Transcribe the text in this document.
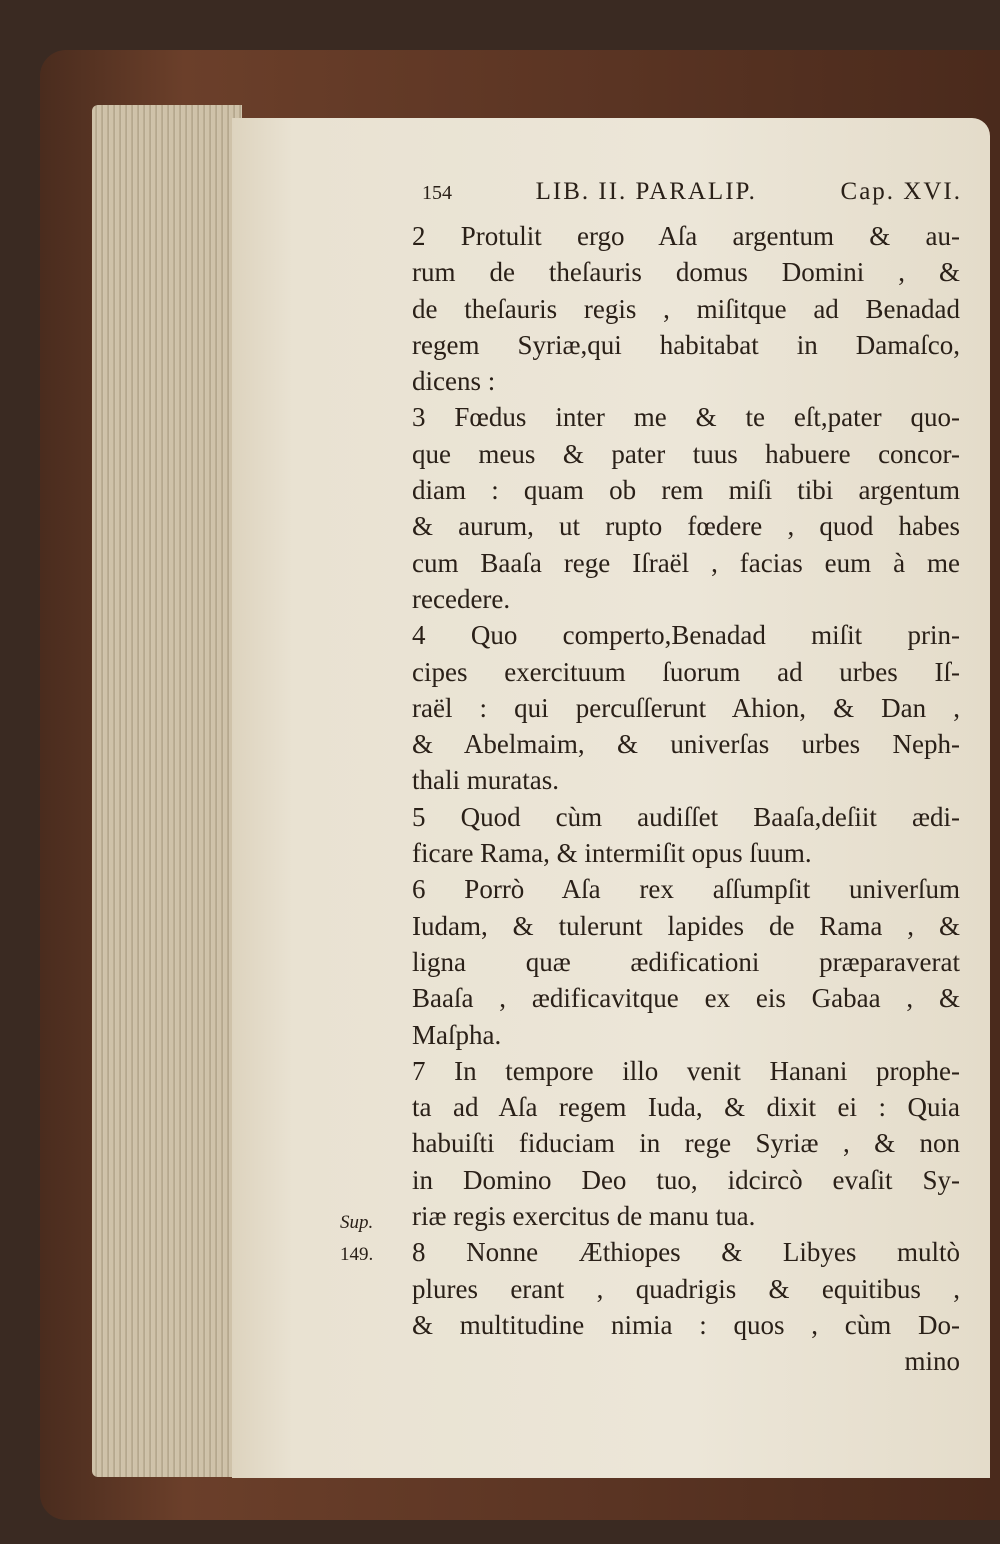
154	LIB. II. PARALIP.	Cap. XVI.
2 Protulit ergo Aſa argentum & au-
rum de theſauris domus Domini , &
de theſauris regis , miſitque ad Benadad
regem Syriæ,qui habitabat in Damaſco,
dicens :
3 Fœdus inter me & te eſt,pater quo-
que meus & pater tuus habuere concor-
diam : quam ob rem miſi tibi argentum
& aurum, ut rupto fœdere , quod habes
cum Baaſa rege Iſraël , facias eum à me
recedere.
4 Quo comperto,Benadad miſit prin-
cipes exercituum ſuorum ad urbes Iſ-
raël : qui percuſſerunt Ahion, & Dan ,
& Abelmaim, & univerſas urbes Neph-
thali muratas.
5 Quod cùm audiſſet Baaſa,deſiit ædi-
ficare Rama, & intermiſit opus ſuum.
6 Porrò Aſa rex aſſumpſit univerſum
Iudam, & tulerunt lapides de Rama , &
ligna quæ ædificationi præparaverat
Baaſa , ædificavitque ex eis Gabaa , &
Maſpha.
7 In tempore illo venit Hanani prophe-
ta ad Aſa regem Iuda, & dixit ei : Quia
habuiſti fiduciam in rege Syriæ , & non
in Domino Deo tuo, idcircò evaſit Sy-
riæ regis exercitus de manu tua.
8 Nonne Æthiopes & Libyes multò
plures erant , quadrigis & equitibus ,
& multitudine nimia : quos , cùm Do-
mino
Sup.
149.
